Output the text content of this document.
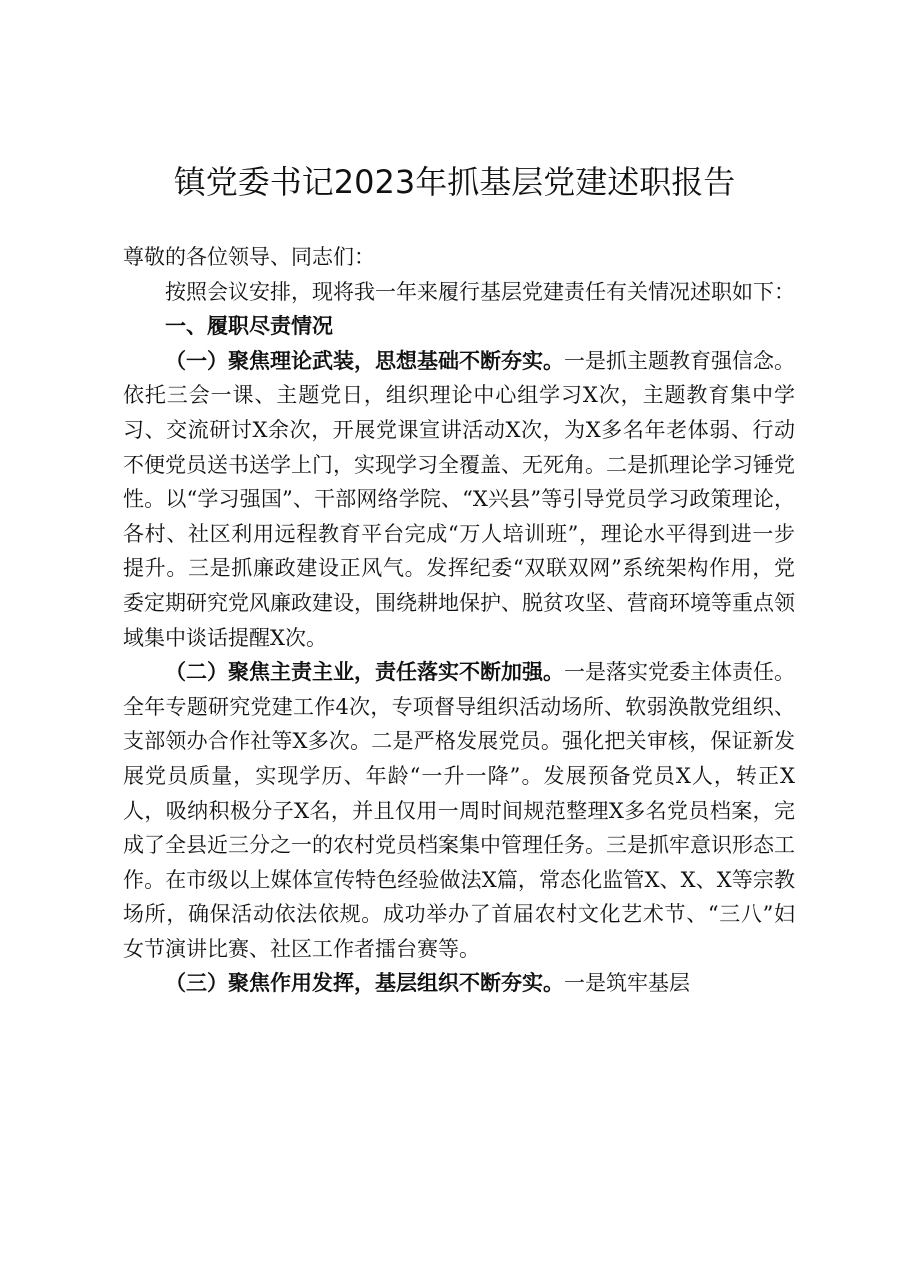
镇党委书记2023年抓基层党建述职报告

尊敬的各位领导、同志们：

按照会议安排，现将我一年来履行基层党建责任有关情况述职如下：

一、履职尽责情况

（一）聚焦理论武装，思想基础不断夯实。一是抓主题教育强信念。依托三会一课、主题党日，组织理论中心组学习X次，主题教育集中学习、交流研讨X余次，开展党课宣讲活动X次，为X多名年老体弱、行动不便党员送书送学上门，实现学习全覆盖、无死角。二是抓理论学习锤党性。以“学习强国”、干部网络学院、“X兴县”等引导党员学习政策理论，各村、社区利用远程教育平台完成“万人培训班”，理论水平得到进一步提升。三是抓廉政建设正风气。发挥纪委“双联双网”系统架构作用，党委定期研究党风廉政建设，围绕耕地保护、脱贫攻坚、营商环境等重点领域集中谈话提醒X次。

（二）聚焦主责主业，责任落实不断加强。一是落实党委主体责任。全年专题研究党建工作4次，专项督导组织活动场所、软弱涣散党组织、支部领办合作社等X多次。二是严格发展党员。强化把关审核，保证新发展党员质量，实现学历、年龄“一升一降”。发展预备党员X人，转正X人，吸纳积极分子X名，并且仅用一周时间规范整理X多名党员档案，完成了全县近三分之一的农村党员档案集中管理任务。三是抓牢意识形态工作。在市级以上媒体宣传特色经验做法X篇，常态化监管X、X、X等宗教场所，确保活动依法依规。成功举办了首届农村文化艺术节、“三八”妇女节演讲比赛、社区工作者擂台赛等。

（三）聚焦作用发挥，基层组织不断夯实。一是筑牢基层
